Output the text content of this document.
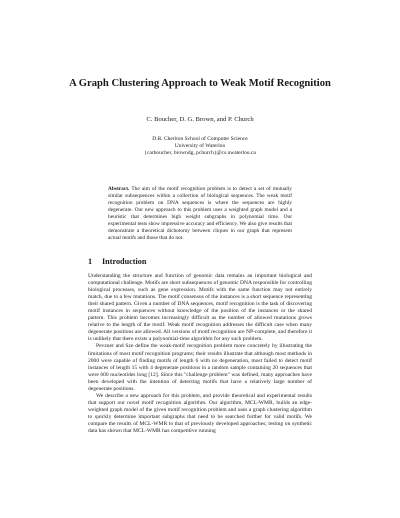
A Graph Clustering Approach to Weak Motif Recognition
C. Boucher, D. G. Brown, and P. Church
D.R. Cheriton School of Computer Science
University of Waterloo
{carboucher, browndg, pchurch}@cs.uwaterloo.ca
Abstract. The aim of the motif recognition problem is to detect a set of mutually similar subsequences within a collection of biological sequences. The weak motif recognition problem on DNA sequences is where the sequences are highly degenerate. Our new approach to this problem uses a weighted graph model and a heuristic that determines high weight subgraphs in polynomial time. Our experimental tests show impressive accuracy and efficiency. We also give results that demonstrate a theoretical dichotomy between cliques in our graph that represent actual motifs and those that do not.
1 Introduction

Understanding the structure and function of genomic data remains an important biological and computational challenge. Motifs are short subsequences of genomic DNA responsible for controlling biological processes, such as gene expression. Motifs with the same function may not entirely match, due to a few mutations. The motif consensus of the instances is a short sequence representing their shared pattern. Given a number of DNA sequences, motif recognition is the task of discovering motif instances in sequences without knowledge of the position of the instances or the shared pattern. This problem becomes increasingly difficult as the number of allowed mutations grows relative to the length of the motif. Weak motif recognition addresses the difficult case when many degenerate positions are allowed. All versions of motif recognition are NP-complete, and therefore it is unlikely that there exists a polynomial-time algorithm for any such problem.

Pevzner and Sze define the weak-motif recognition problem more concretely by illustrating the limitations of most motif recognition programs; their results illustrate that although most methods in 2000 were capable of finding motifs of length 6 with no degeneration, most failed to detect motif instances of length 15 with 4 degenerate positions in a random sample containing 20 sequences that were 600 nucleotides long [12]. Since this "challenge problem" was defined, many approaches have been developed with the intention of detecting motifs that have a relatively large number of degenerate positions.

We describe a new approach for this problem, and provide theoretical and experimental results that support our novel motif recognition algorithm. Our algorithm, MCL-WMR, builds an edge-weighted graph model of the given motif recognition problem and uses a graph clustering algorithm to quickly determine important subgraphs that need to be searched further for valid motifs. We compare the results of MCL-WMR to that of previously developed approaches; testing on synthetic data has shown that MCL-WMR has competitive running
